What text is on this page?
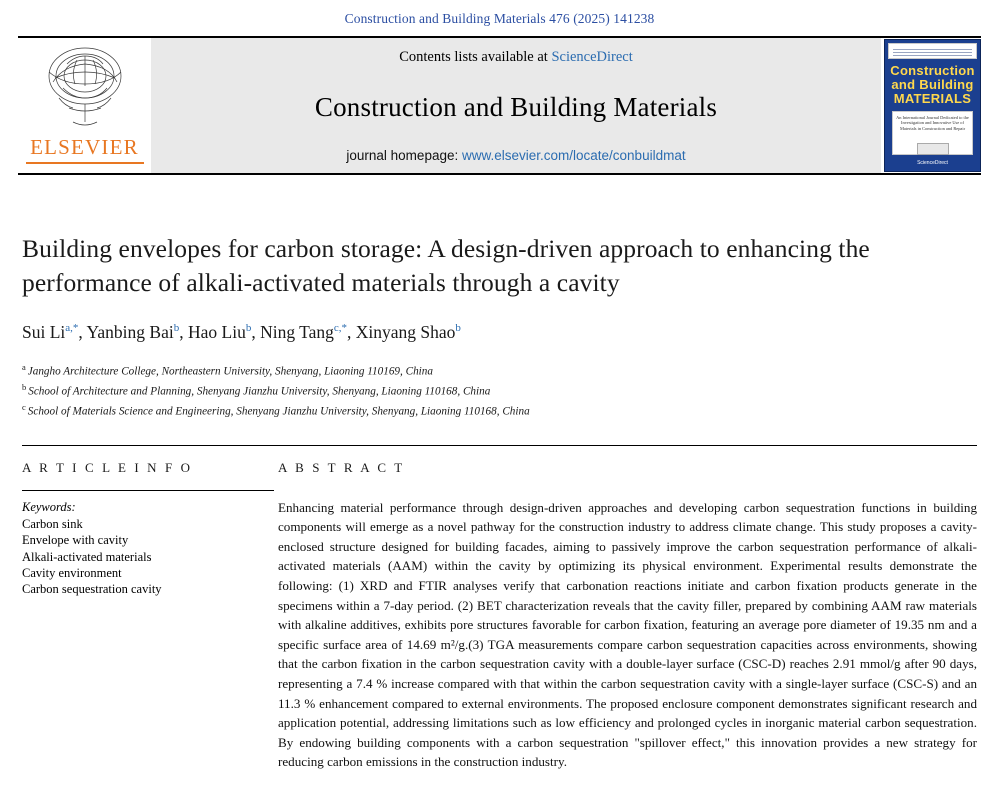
Construction and Building Materials 476 (2025) 141238
ELSEVIER
Contents lists available at ScienceDirect
Construction and Building Materials
journal homepage: www.elsevier.com/locate/conbuildmat
Construction
and Building
MATERIALS
An International Journal Dedicated to the Investigation and Innovative Use of Materials in Construction and Repair
ScienceDirect
Building envelopes for carbon storage: A design-driven approach to enhancing the performance of alkali-activated materials through a cavity
Sui $Li^{a,*}$, Yanbing Bai$^b$, Hao Liu$^b$, Ning Tang$^{c,*}$, Xinyang Shao$^b$
$^a$ Jangho Architecture College, Northeastern University, Shenyang, Liaoning 110169, China
$^b$ School of Architecture and Planning, Shenyang Jianzhu University, Shenyang, Liaoning 110168, China
$^c$ School of Materials Science and Engineering, Shenyang Jianzhu University, Shenyang, Liaoning 110168, China
A R T I C L E I N F O
Keywords:
Carbon sink
Envelope with cavity
Alkali-activated materials
Cavity environment
Carbon sequestration cavity
A B S T R A C T
Enhancing material performance through design-driven approaches and developing carbon sequestration functions in building components will emerge as a novel pathway for the construction industry to address climate change. This study proposes a cavity-enclosed structure designed for building facades, aiming to passively improve the carbon sequestration performance of alkali-activated materials (AAM) within the cavity by optimizing its physical environment. Experimental results demonstrate the following: (1) XRD and FTIR analyses verify that carbonation reactions initiate and carbon fixation products generate in the specimens within a 7-day period. (2) BET characterization reveals that the cavity filler, prepared by combining AAM raw materials with alkaline additives, exhibits pore structures favorable for carbon fixation, featuring an average pore diameter of 19.35 nm and a specific surface area of 14.69 m²/g.(3) TGA measurements compare carbon sequestration capacities across environments, showing that the carbon fixation in the carbon sequestration cavity with a double-layer surface (CSC-D) reaches 2.91 mmol/g after 90 days, representing a 7.4 % increase compared with that within the carbon sequestration cavity with a single-layer surface (CSC-S) and an 11.3 % enhancement compared to external environments. The proposed enclosure component demonstrates significant research and application potential, addressing limitations such as low efficiency and prolonged cycles in inorganic material carbon sequestration. By endowing building components with a carbon sequestration "spillover effect," this innovation provides a new strategy for reducing carbon emissions in the construction industry.
